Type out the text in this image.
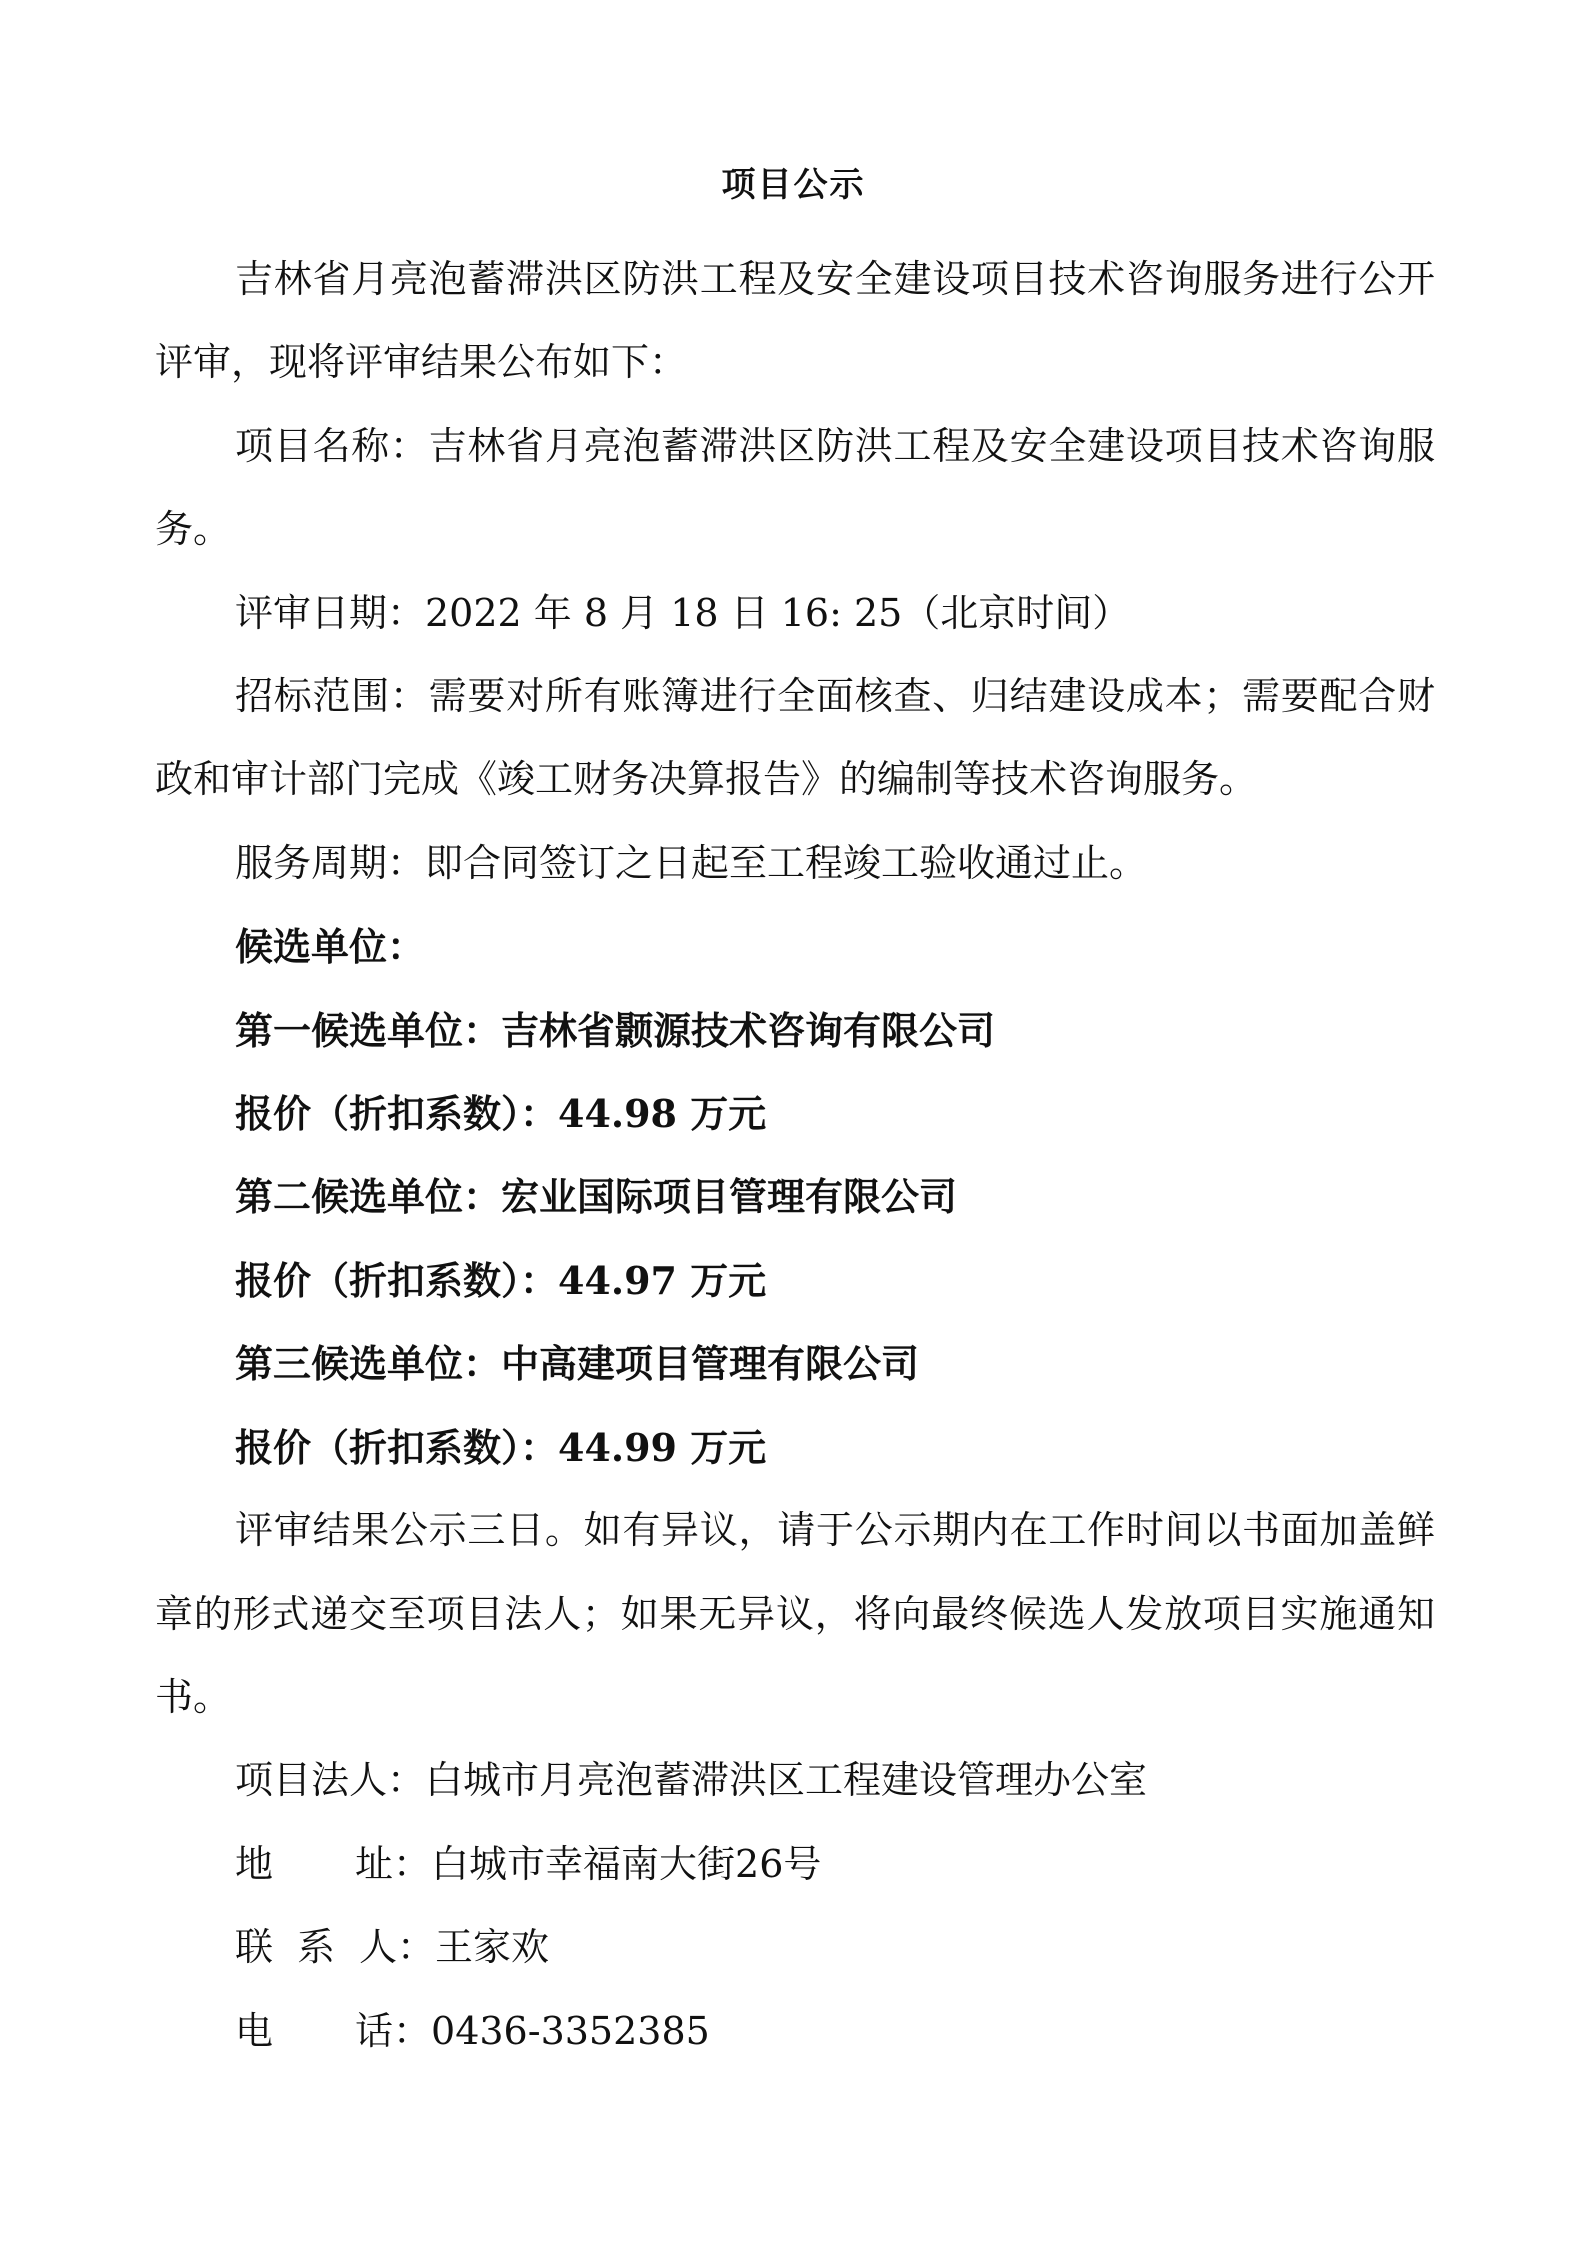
项目公示

吉林省月亮泡蓄滞洪区防洪工程及安全建设项目技术咨询服务进行公开评审，现将评审结果公布如下：

项目名称：吉林省月亮泡蓄滞洪区防洪工程及安全建设项目技术咨询服务。

评审日期：2022 年 8 月 18 日 16: 25（北京时间）

招标范围：需要对所有账簿进行全面核查、归结建设成本；需要配合财政和审计部门完成《竣工财务决算报告》的编制等技术咨询服务。

服务周期：即合同签订之日起至工程竣工验收通过止。

候选单位：

第一候选单位：吉林省颢源技术咨询有限公司

报价（折扣系数）：44.98 万元

第二候选单位：宏业国际项目管理有限公司

报价（折扣系数）：44.97 万元

第三候选单位：中高建项目管理有限公司

报价（折扣系数）：44.99 万元

评审结果公示三日。如有异议，请于公示期内在工作时间以书面加盖鲜章的形式递交至项目法人；如果无异议，将向最终候选人发放项目实施通知书。

项目法人：白城市月亮泡蓄滞洪区工程建设管理办公室

地 址：白城市幸福南大街26号

联 系 人：王家欢

电 话：0436-3352385
